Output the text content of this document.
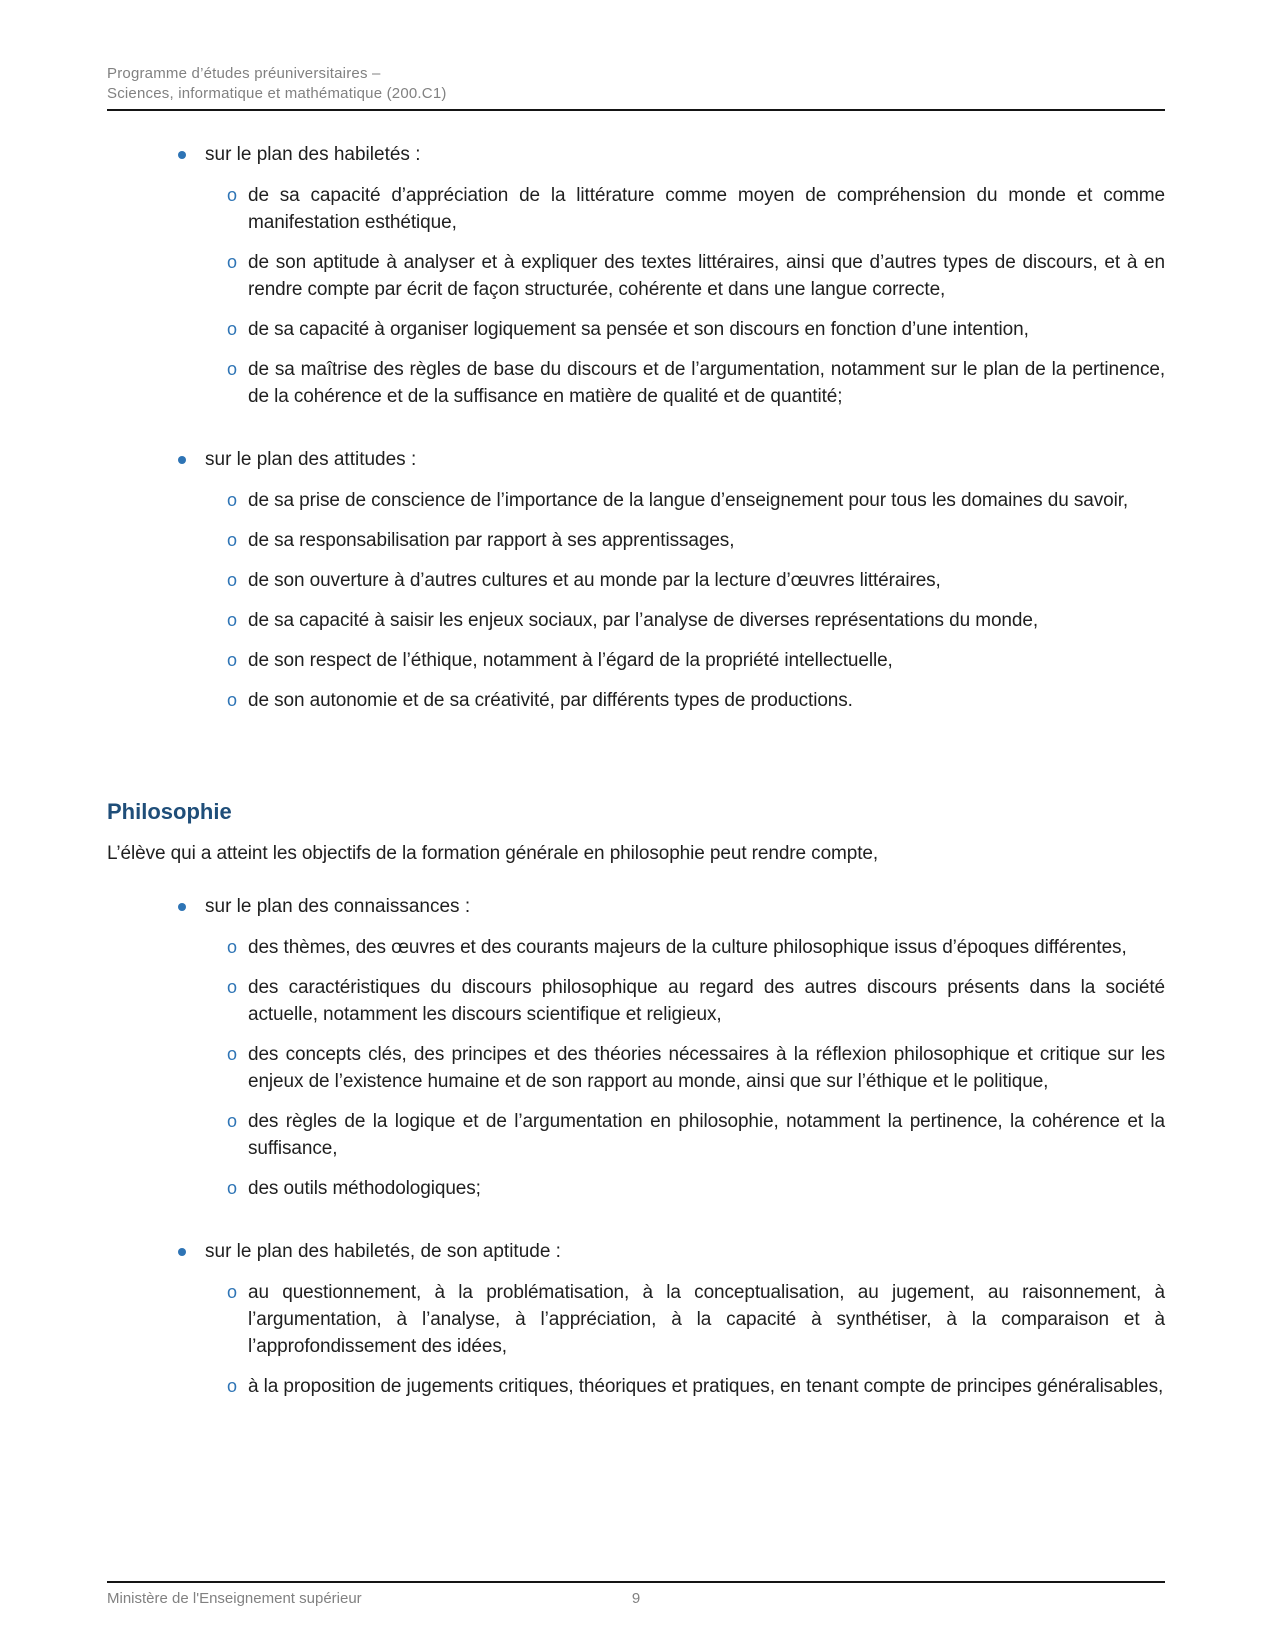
Programme d’études préuniversitaires –
Sciences, informatique et mathématique (200.C1)
sur le plan des habiletés :
o de sa capacité d’appréciation de la littérature comme moyen de compréhension du monde et comme manifestation esthétique,
o de son aptitude à analyser et à expliquer des textes littéraires, ainsi que d’autres types de discours, et à en rendre compte par écrit de façon structurée, cohérente et dans une langue correcte,
o de sa capacité à organiser logiquement sa pensée et son discours en fonction d’une intention,
o de sa maîtrise des règles de base du discours et de l’argumentation, notamment sur le plan de la pertinence, de la cohérence et de la suffisance en matière de qualité et de quantité;
sur le plan des attitudes :
o de sa prise de conscience de l’importance de la langue d’enseignement pour tous les domaines du savoir,
o de sa responsabilisation par rapport à ses apprentissages,
o de son ouverture à d’autres cultures et au monde par la lecture d’œuvres littéraires,
o de sa capacité à saisir les enjeux sociaux, par l’analyse de diverses représentations du monde,
o de son respect de l’éthique, notamment à l’égard de la propriété intellectuelle,
o de son autonomie et de sa créativité, par différents types de productions.
Philosophie
L’élève qui a atteint les objectifs de la formation générale en philosophie peut rendre compte,
sur le plan des connaissances :
o des thèmes, des œuvres et des courants majeurs de la culture philosophique issus d’époques différentes,
o des caractéristiques du discours philosophique au regard des autres discours présents dans la société actuelle, notamment les discours scientifique et religieux,
o des concepts clés, des principes et des théories nécessaires à la réflexion philosophique et critique sur les enjeux de l’existence humaine et de son rapport au monde, ainsi que sur l’éthique et le politique,
o des règles de la logique et de l’argumentation en philosophie, notamment la pertinence, la cohérence et la suffisance,
o des outils méthodologiques;
sur le plan des habiletés, de son aptitude :
o au questionnement, à la problématisation, à la conceptualisation, au jugement, au raisonnement, à l’argumentation, à l’analyse, à l’appréciation, à la capacité à synthétiser, à la comparaison et à l’approfondissement des idées,
o à la proposition de jugements critiques, théoriques et pratiques, en tenant compte de principes généralisables,
Ministère de l'Enseignement supérieur	9
